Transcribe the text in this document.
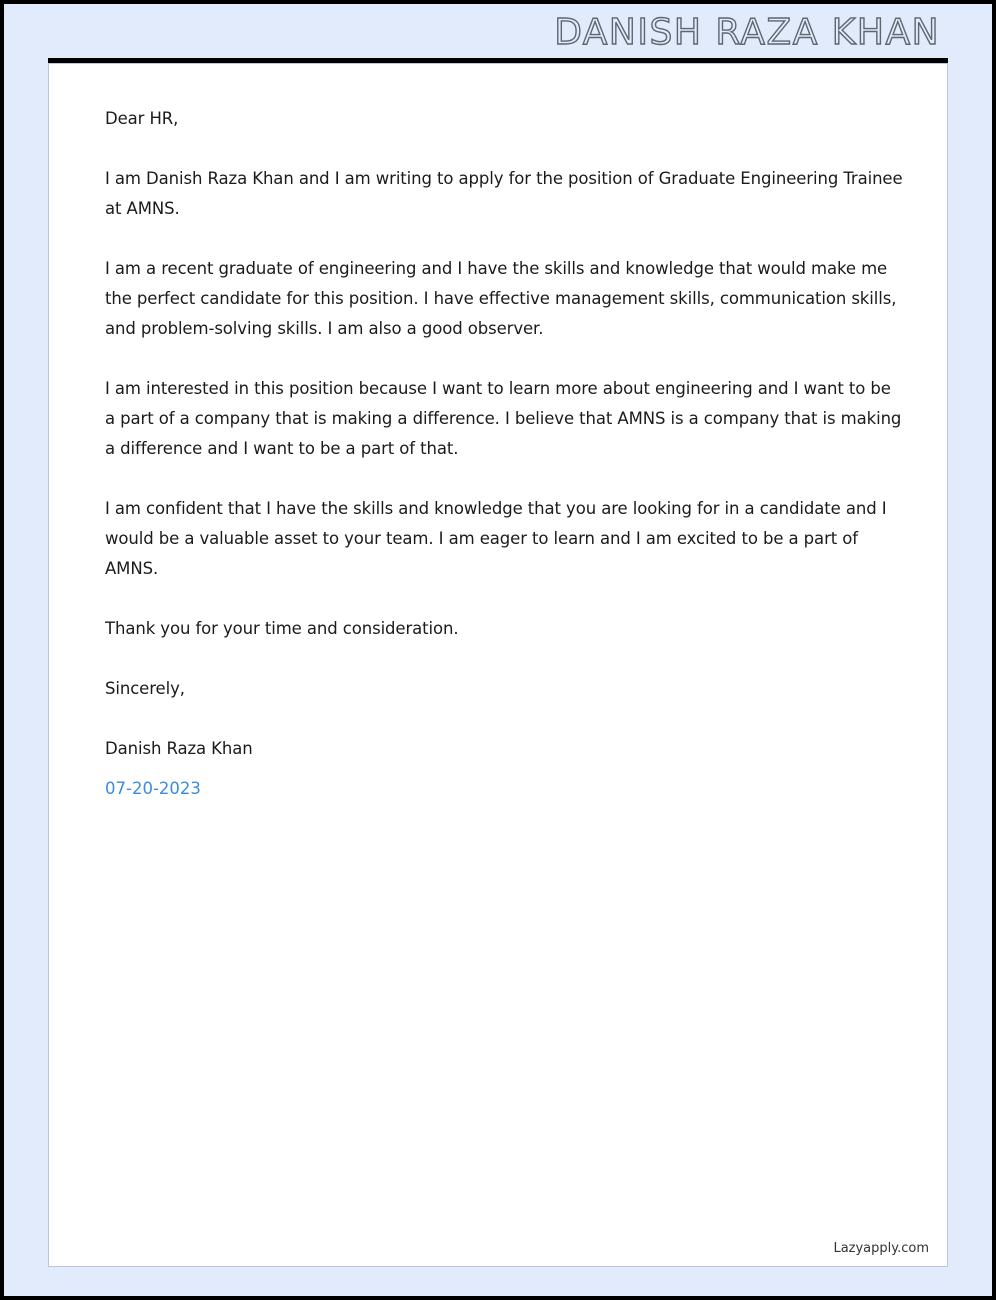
DANISH RAZA KHAN

Dear HR,

I am Danish Raza Khan and I am writing to apply for the position of Graduate Engineering Trainee at AMNS.

I am a recent graduate of engineering and I have the skills and knowledge that would make me the perfect candidate for this position. I have effective management skills, communication skills, and problem-solving skills. I am also a good observer.

I am interested in this position because I want to learn more about engineering and I want to be a part of a company that is making a difference. I believe that AMNS is a company that is making a difference and I want to be a part of that.

I am confident that I have the skills and knowledge that you are looking for in a candidate and I would be a valuable asset to your team. I am eager to learn and I am excited to be a part of AMNS.

Thank you for your time and consideration.

Sincerely,

Danish Raza Khan

07-20-2023

Lazyapply.com
